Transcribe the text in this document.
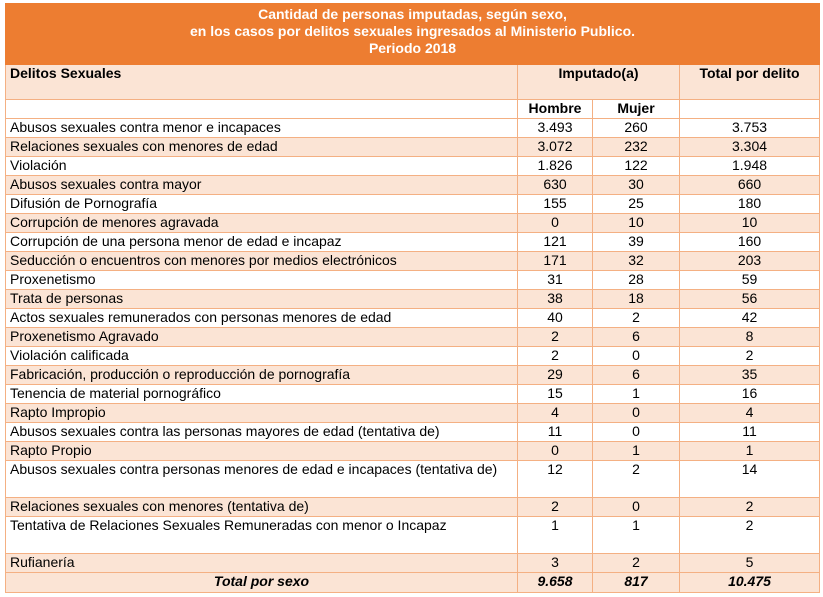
Cantidad de personas imputadas, según sexo,
en los casos por delitos sexuales ingresados al Ministerio Publico.
Periodo 2018			

Delitos Sexuales	Imputado(a)		Total por delito
	Hombre	Mujer	
Abusos sexuales contra menor e incapaces	3.493	260	3.753
Relaciones sexuales con menores de edad	3.072	232	3.304
Violación	1.826	122	1.948
Abusos sexuales contra mayor	630	30	660
Difusión de Pornografía	155	25	180
Corrupción de menores agravada	0	10	10
Corrupción de una persona menor de edad e incapaz	121	39	160
Seducción o encuentros con menores por medios electrónicos	171	32	203
Proxenetismo	31	28	59
Trata de personas	38	18	56
Actos sexuales remunerados con personas menores de edad	40	2	42
Proxenetismo Agravado	2	6	8
Violación calificada	2	0	2
Fabricación, producción o reproducción de pornografía	29	6	35
Tenencia de material pornográfico	15	1	16
Rapto Impropio	4	0	4
Abusos sexuales contra las personas mayores de edad (tentativa de)	11	0	11
Rapto Propio	0	1	1
Abusos sexuales contra personas menores de edad e incapaces (tentativa de)	12	2	14
Relaciones sexuales con menores (tentativa de)	2	0	2
Tentativa de Relaciones Sexuales Remuneradas con menor o Incapaz	1	1	2
Rufianería	3	2	5
Total por sexo	9.658	817	10.475
